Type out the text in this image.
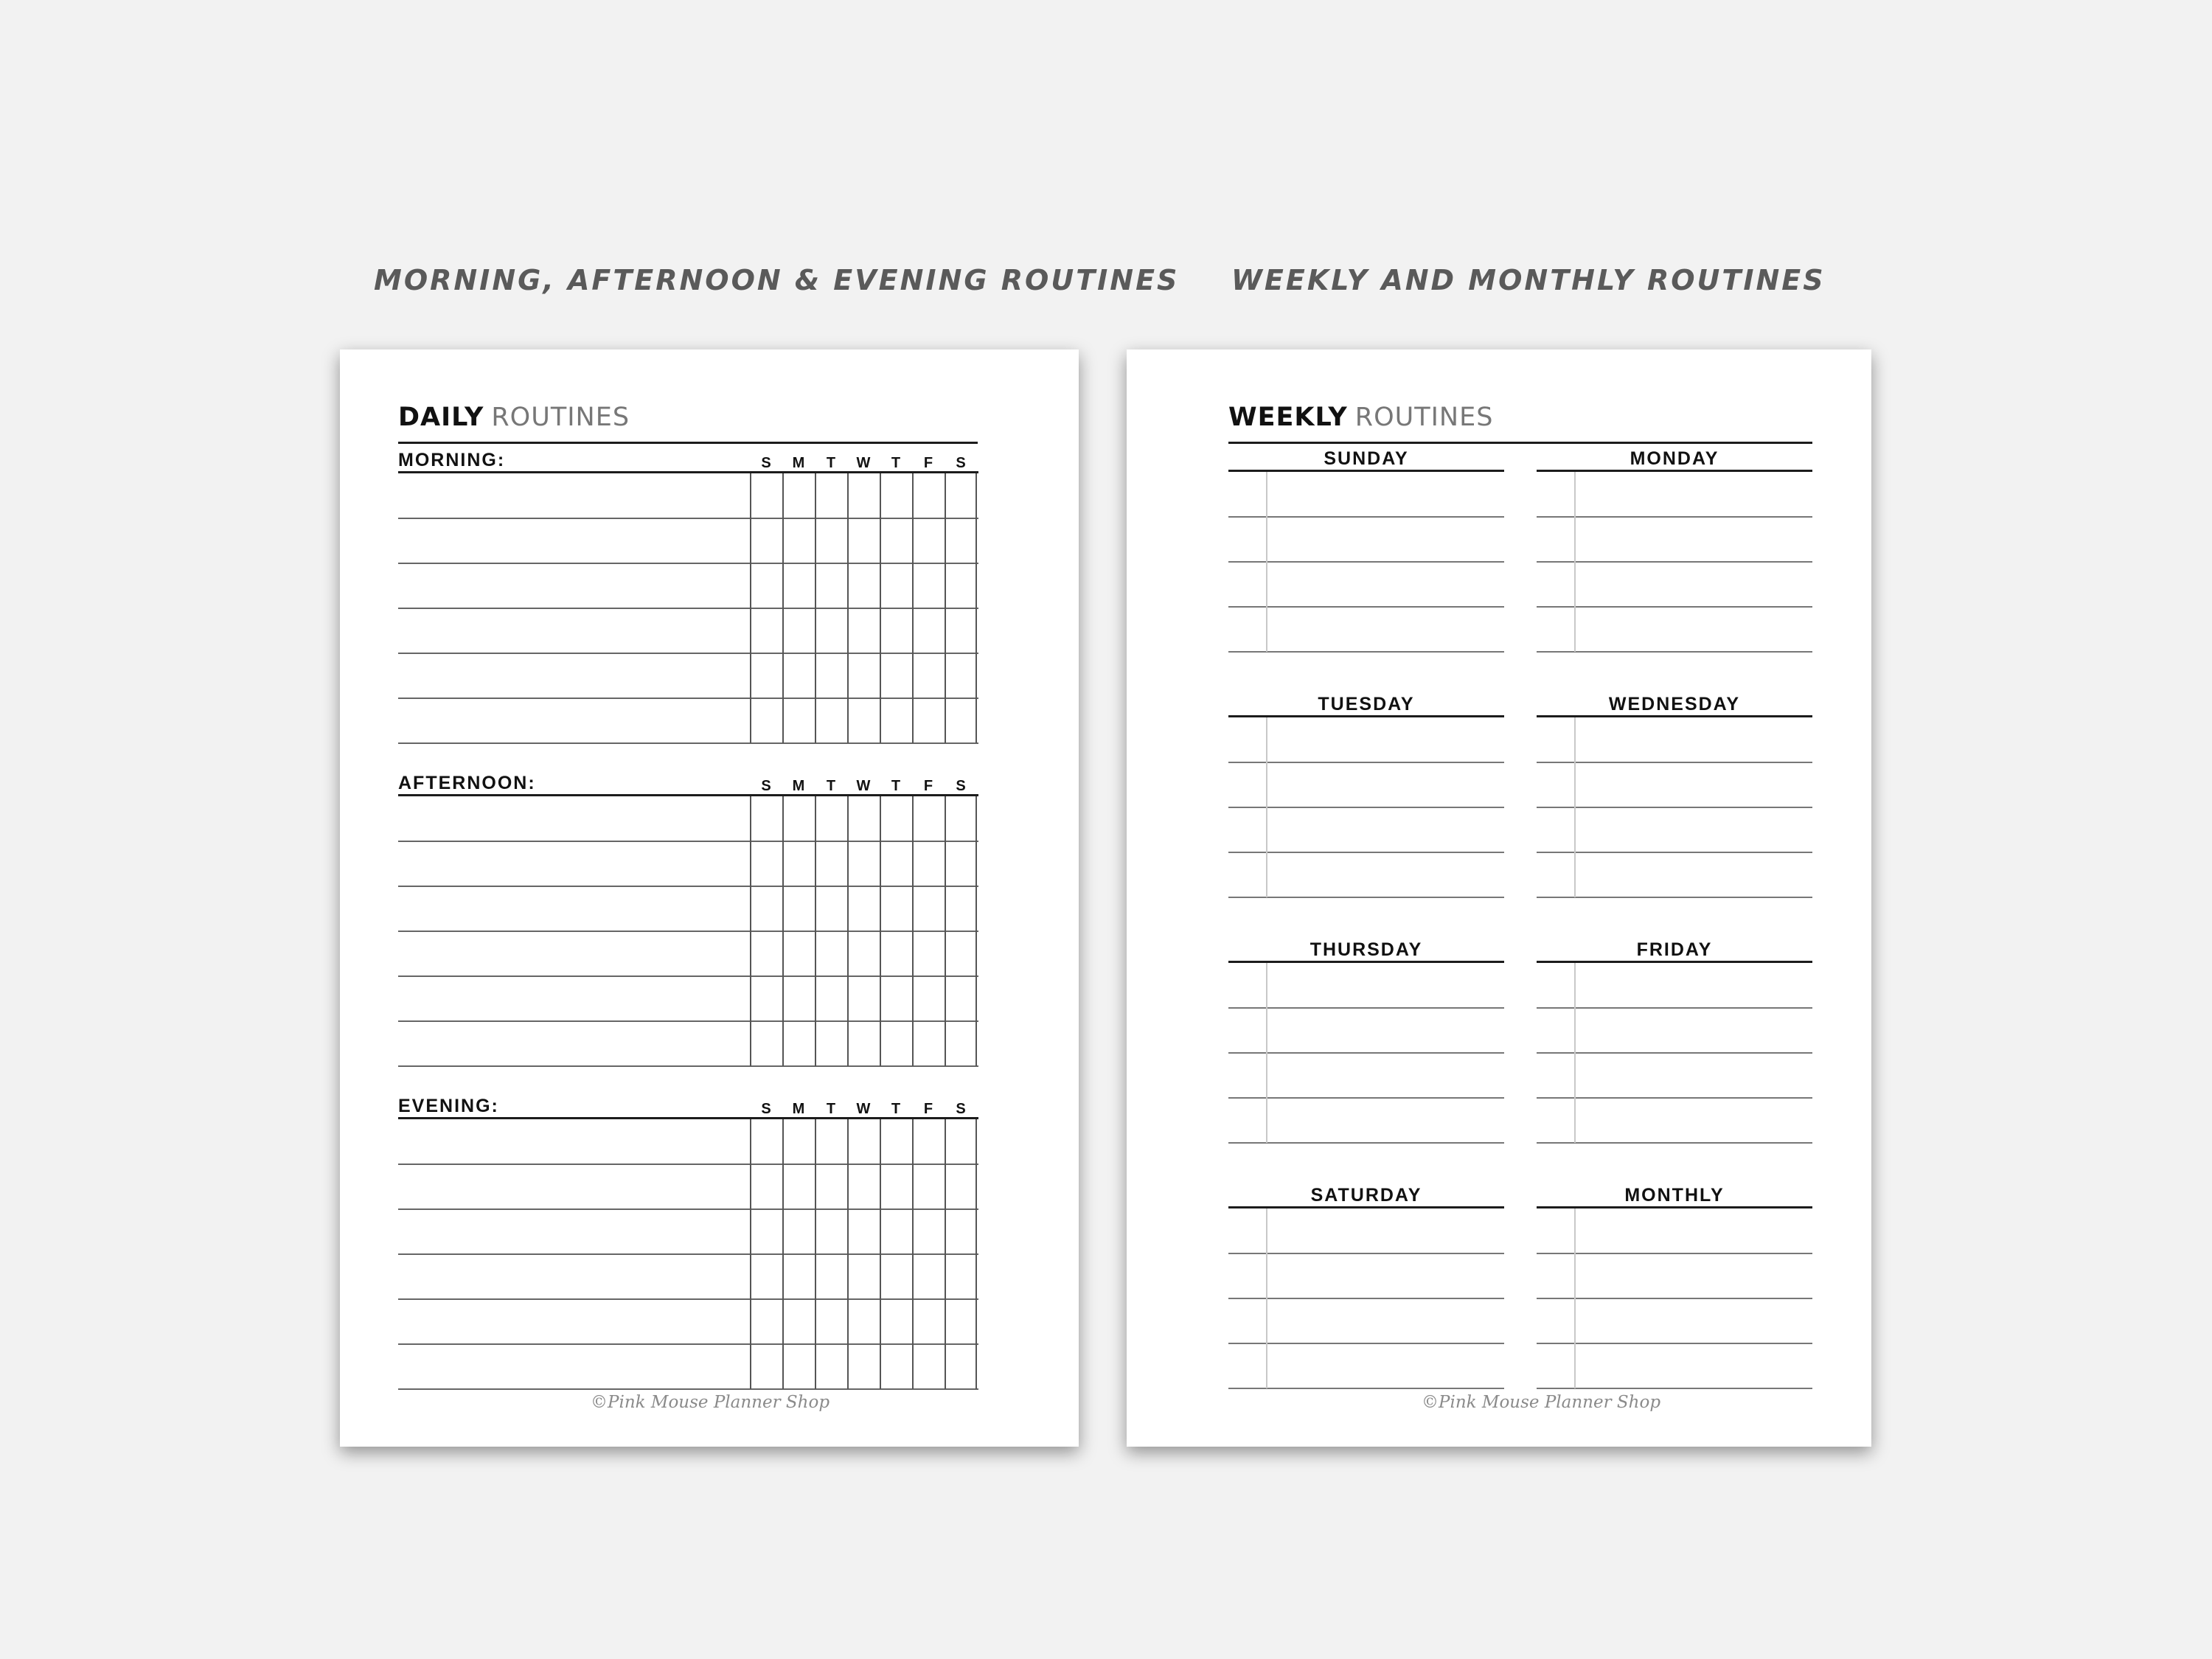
MORNING, AFTERNOON & EVENING ROUTINES WEEKLY AND MONTHLY ROUTINES
DAILY ROUTINES
MORNING:	S	M	T	W	T	F	S
AFTERNOON:	S	M	T	W	T	F	S
EVENING:	S	M	T	W	T	F	S
©Pink Mouse Planner Shop
WEEKLY ROUTINES
SUNDAY	MONDAY
TUESDAY	WEDNESDAY
THURSDAY	FRIDAY
SATURDAY	MONTHLY
©Pink Mouse Planner Shop
